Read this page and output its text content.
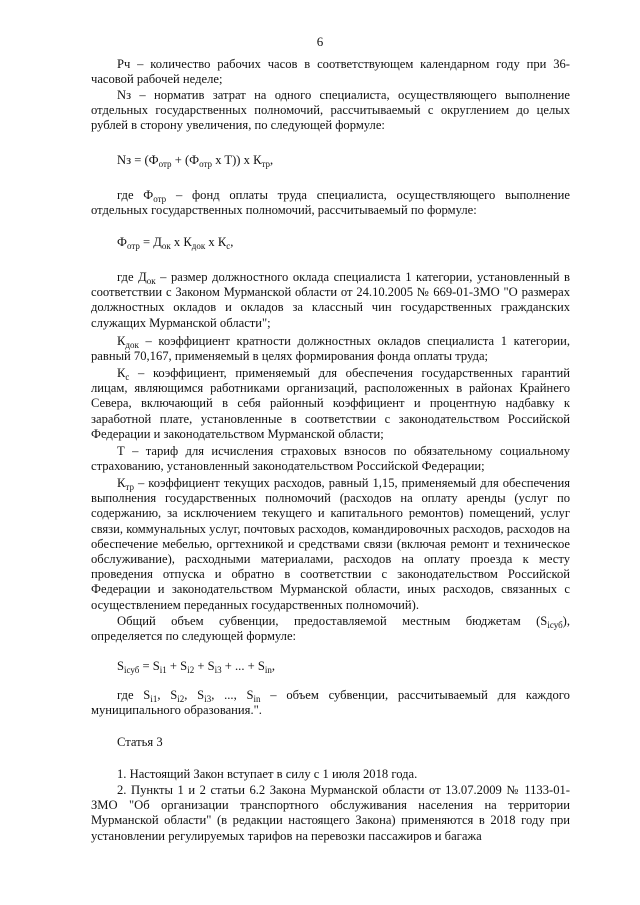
6

Рч – количество рабочих часов в соответствующем календарном году при 36-часовой рабочей неделе;

Nз – норматив затрат на одного специалиста, осуществляющего выполнение отдельных государственных полномочий, рассчитываемый с округлением до целых рублей в сторону увеличения, по следующей формуле:

Nз = ($Ф_{отр} + (Ф_{отр}$ x T)) x $К_{тр}$,

где $Ф_{отр}$ – фонд оплаты труда специалиста, осуществляющего выполнение отдельных государственных полномочий, рассчитываемый по формуле:

$Ф_{отр} = Д_{ок}$ x $К_{док}$ x $К_с$,

где $Д_{ок}$ – размер должностного оклада специалиста 1 категории, установленный в соответствии с Законом Мурманской области от 24.10.2005 № 669-01-ЗМО "О размерах должностных окладов и окладов за классный чин государственных гражданских служащих Мурманской области";

$К_{док}$ – коэффициент кратности должностных окладов специалиста 1 категории, равный 70,167, применяемый в целях формирования фонда оплаты труда;

$К_с$ – коэффициент, применяемый для обеспечения государственных гарантий лицам, являющимся работниками организаций, расположенных в районах Крайнего Севера, включающий в себя районный коэффициент и процентную надбавку к заработной плате, установленные в соответствии с законодательством Российской Федерации и законодательством Мурманской области;

Т – тариф для исчисления страховых взносов по обязательному социальному страхованию, установленный законодательством Российской Федерации;

$К_{тр}$ – коэффициент текущих расходов, равный 1,15, применяемый для обеспечения выполнения государственных полномочий (расходов на оплату аренды (услуг по содержанию, за исключением текущего и капитального ремонтов) помещений, услуг связи, коммунальных услуг, почтовых расходов, командировочных расходов, расходов на обеспечение мебелью, оргтехникой и средствами связи (включая ремонт и техническое обслуживание), расходными материалами, расходов на оплату проезда к месту проведения отпуска и обратно в соответствии с законодательством Российской Федерации и законодательством Мурманской области, иных расходов, связанных с осуществлением переданных государственных полномочий).

Общий объем субвенции, предоставляемой местным бюджетам $(S_{iсуб})$, определяется по следующей формуле:

$S_{iсуб} = S_{i1} + S_{i2} + S_{i3}$ + ... + $S_{in}$,

где $S_{i1}$, $S_{i2}$, $S_{i3}$, ..., $S_{in}$ – объем субвенции, рассчитываемый для каждого муниципального образования.".

Статья 3

1. Настоящий Закон вступает в силу с 1 июля 2018 года.

2. Пункты 1 и 2 статьи 6.2 Закона Мурманской области от 13.07.2009 № 1133-01-ЗМО "Об организации транспортного обслуживания населения на территории Мурманской области" (в редакции настоящего Закона) применяются в 2018 году при установлении регулируемых тарифов на перевозки пассажиров и багажа
